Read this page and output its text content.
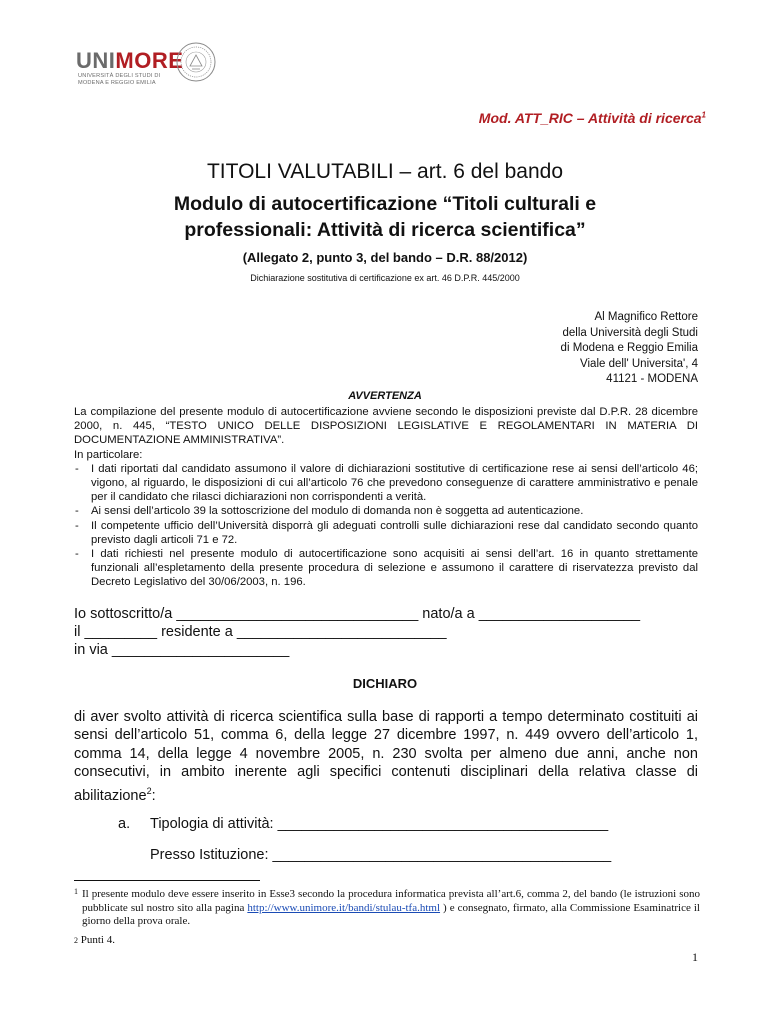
UNIMORE
UNIVERSITÀ DEGLI STUDI DI
MODENA E REGGIO EMILIA
Mod. ATT_RIC – Attività di ricerca$^1$
TITOLI VALUTABILI – art. 6 del bando
Modulo di autocertificazione “Titoli culturali e
professionali: Attività di ricerca scientifica”
(Allegato 2, punto 3, del bando – D.R. 88/2012)
Dichiarazione sostitutiva di certificazione ex art. 46 D.P.R. 445/2000
Al Magnifico Rettore
della Università degli Studi
di Modena e Reggio Emilia
Viale dell' Universita', 4
41121 - MODENA
AVVERTENZA

La compilazione del presente modulo di autocertificazione avviene secondo le disposizioni previste dal D.P.R. 28 dicembre 2000, n. 445, “TESTO UNICO DELLE DISPOSIZIONI LEGISLATIVE E REGOLAMENTARI IN MATERIA DI DOCUMENTAZIONE AMMINISTRATIVA”.

In particolare:

- I dati riportati dal candidato assumono il valore di dichiarazioni sostitutive di certificazione rese ai sensi dell’articolo 46; vigono, al riguardo, le disposizioni di cui all’articolo 76 che prevedono conseguenze di carattere amministrativo e penale per il candidato che rilasci dichiarazioni non corrispondenti a verità.
- Ai sensi dell’articolo 39 la sottoscrizione del modulo di domanda non è soggetta ad autenticazione.
- Il competente ufficio dell’Università disporrà gli adeguati controlli sulle dichiarazioni rese dal candidato secondo quanto previsto dagli articoli 71 e 72.
- I dati richiesti nel presente modulo di autocertificazione sono acquisiti ai sensi dell’art. 16 in quanto strettamente funzionali all’espletamento della presente procedura di selezione e assumono il carattere di riservatezza previsto dal Decreto Legislativo del 30/06/2003, n. 196.
Io sottoscritto/a ______________________________ nato/a a ____________________
il _________ residente a __________________________
in via ______________________
DICHIARO
di aver svolto attività di ricerca scientifica sulla base di rapporti a tempo determinato costituiti ai sensi dell’articolo 51, comma 6, della legge 27 dicembre 1997, n. 449 ovvero dell’articolo 1, comma 14, della legge 4 novembre 2005, n. 230 svolta per almeno due anni, anche non consecutivi, in ambito inerente agli specifici contenuti disciplinari della relativa classe di abilitazione$^2$:
a. Tipologia di attività: _________________________________________
Presso Istituzione: __________________________________________
1 Il presente modulo deve essere inserito in Esse3 secondo la procedura informatica prevista all’art.6, comma 2, del bando (le istruzioni sono pubblicate sul nostro sito alla pagina http://www.unimore.it/bandi/stulau-tfa.html ) e consegnato, firmato, alla Commissione Esaminatrice il giorno della prova orale.
$^2$ Punti 4.
1
